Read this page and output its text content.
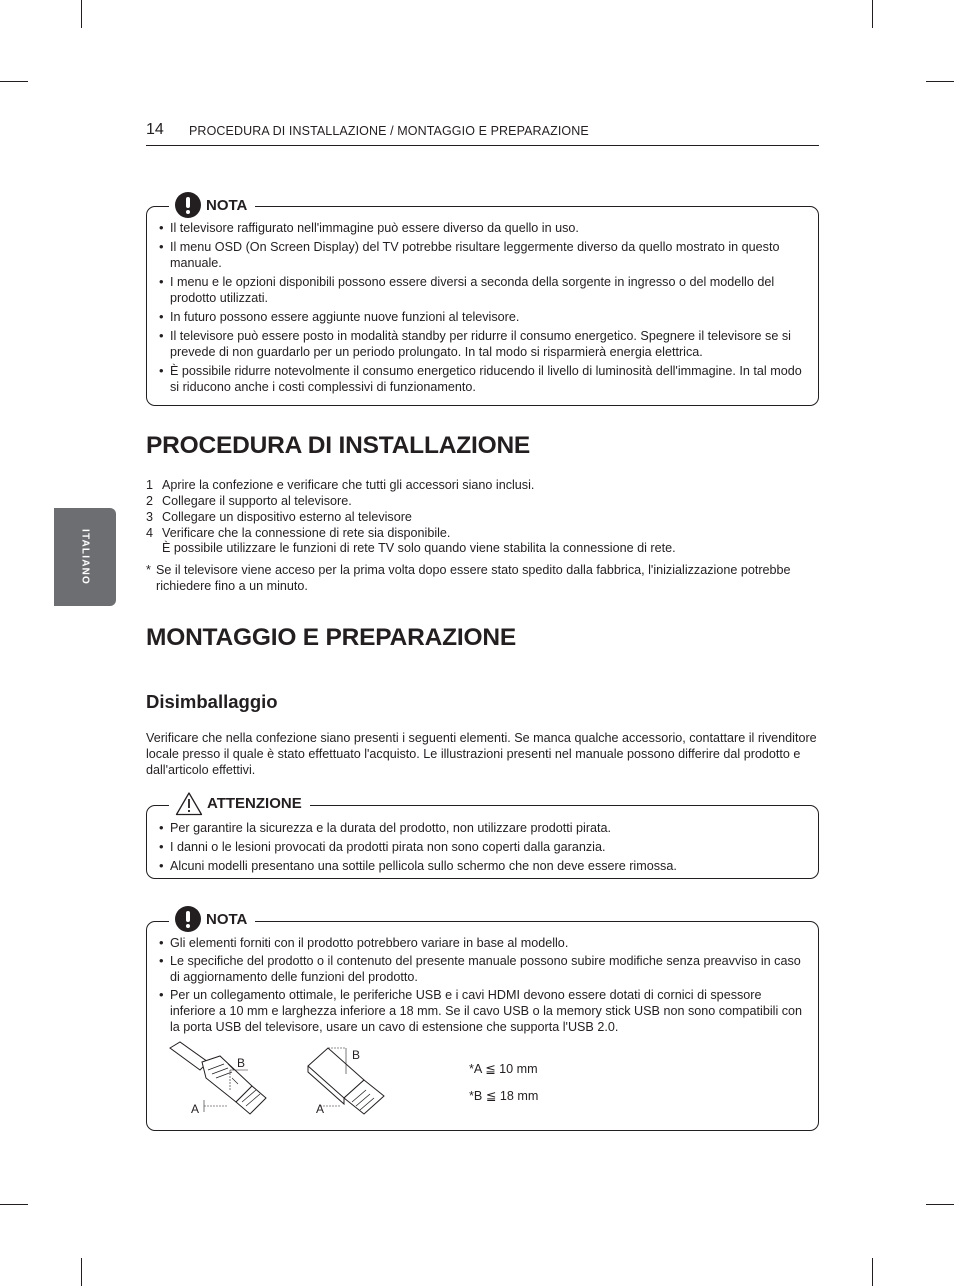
14 PROCEDURA DI INSTALLAZIONE / MONTAGGIO E PREPARAZIONE
ITALIANO
NOTA
• Il televisore raffigurato nell'immagine può essere diverso da quello in uso.
• Il menu OSD (On Screen Display) del TV potrebbe risultare leggermente diverso da quello mostrato in questo manuale.
• I menu e le opzioni disponibili possono essere diversi a seconda della sorgente in ingresso o del modello del prodotto utilizzati.
• In futuro possono essere aggiunte nuove funzioni al televisore.
• Il televisore può essere posto in modalità standby per ridurre il consumo energetico. Spegnere il televisore se si prevede di non guardarlo per un periodo prolungato. In tal modo si risparmierà energia elettrica.
• È possibile ridurre notevolmente il consumo energetico riducendo il livello di luminosità dell'immagine. In tal modo si riducono anche i costi complessivi di funzionamento.
PROCEDURA DI INSTALLAZIONE
1 Aprire la confezione e verificare che tutti gli accessori siano inclusi.
2 Collegare il supporto al televisore.
3 Collegare un dispositivo esterno al televisore
4 Verificare che la connessione di rete sia disponibile.
È possibile utilizzare le funzioni di rete TV solo quando viene stabilita la connessione di rete.
* Se il televisore viene acceso per la prima volta dopo essere stato spedito dalla fabbrica, l'inizializzazione potrebbe richiedere fino a un minuto.
MONTAGGIO E PREPARAZIONE
Disimballaggio

Verificare che nella confezione siano presenti i seguenti elementi. Se manca qualche accessorio, contattare il rivenditore locale presso il quale è stato effettuato l'acquisto. Le illustrazioni presenti nel manuale possono differire dal prodotto e dall'articolo effettivi.

ATTENZIONE
• Per garantire la sicurezza e la durata del prodotto, non utilizzare prodotti pirata.
• I danni o le lesioni provocati da prodotti pirata non sono coperti dalla garanzia.
• Alcuni modelli presentano una sottile pellicola sullo schermo che non deve essere rimossa.
NOTA
• Gli elementi forniti con il prodotto potrebbero variare in base al modello.
• Le specifiche del prodotto o il contenuto del presente manuale possono subire modifiche senza preavviso in caso di aggiornamento delle funzioni del prodotto.
• Per un collegamento ottimale, le periferiche USB e i cavi HDMI devono essere dotati di cornici di spessore inferiore a 10 mm e larghezza inferiore a 18 mm. Se il cavo USB o la memory stick USB non sono compatibili con la porta USB del televisore, usare un cavo di estensione che supporta l'USB 2.0.
B
A
B
A
*A ≦ 10 mm
*B ≦ 18 mm
